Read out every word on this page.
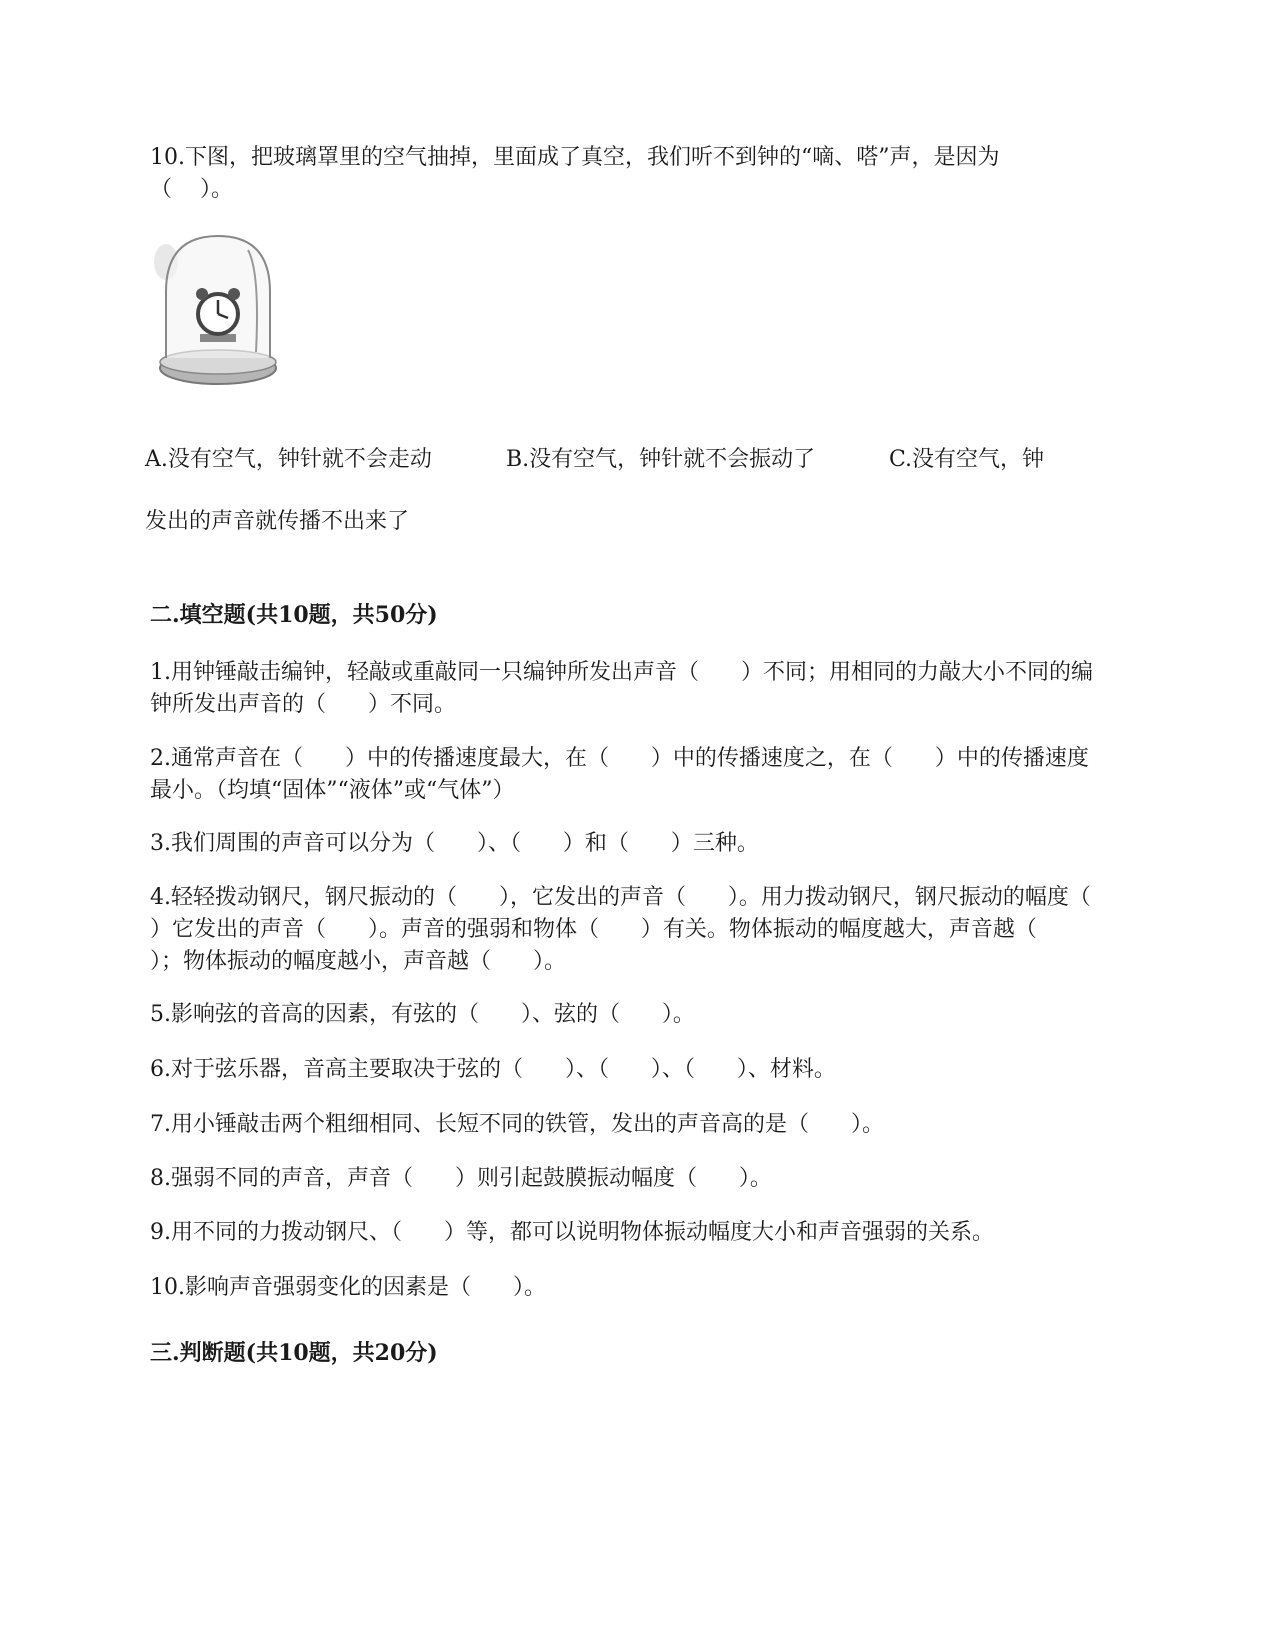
10.下图，把玻璃罩里的空气抽掉，里面成了真空，我们听不到钟的“嘀、嗒”声，是因为
（    ）。
A.没有空气，钟针就不会走动	B.没有空气，钟针就不会振动了	C.没有空气，钟
发出的声音就传播不出来了
二.填空题(共10题，共50分)
1.用钟锤敲击编钟，轻敲或重敲同一只编钟所发出声音（      ）不同；用相同的力敲大小不同的编钟所发出声音的（      ）不同。
2.通常声音在（      ）中的传播速度最大，在（      ）中的传播速度之，在（      ）中的传播速度最小。（均填“固体”“液体”或“气体”）
3.我们周围的声音可以分为（      ）、（      ）和（      ）三种。
4.轻轻拨动钢尺，钢尺振动的（      ），它发出的声音（      ）。用力拨动钢尺，钢尺振动的幅度（      ）它发出的声音（      ）。声音的强弱和物体（      ）有关。物体振动的幅度越大，声音越（      ）；物体振动的幅度越小，声音越（      ）。
5.影响弦的音高的因素，有弦的（      ）、弦的（      ）。
6.对于弦乐器，音高主要取决于弦的（      ）、（      ）、（      ）、材料。
7.用小锤敲击两个粗细相同、长短不同的铁管，发出的声音高的是（      ）。
8.强弱不同的声音，声音（      ）则引起鼓膜振动幅度（      ）。
9.用不同的力拨动钢尺、（      ）等，都可以说明物体振动幅度大小和声音强弱的关系。
10.影响声音强弱变化的因素是（      ）。
三.判断题(共10题，共20分)
